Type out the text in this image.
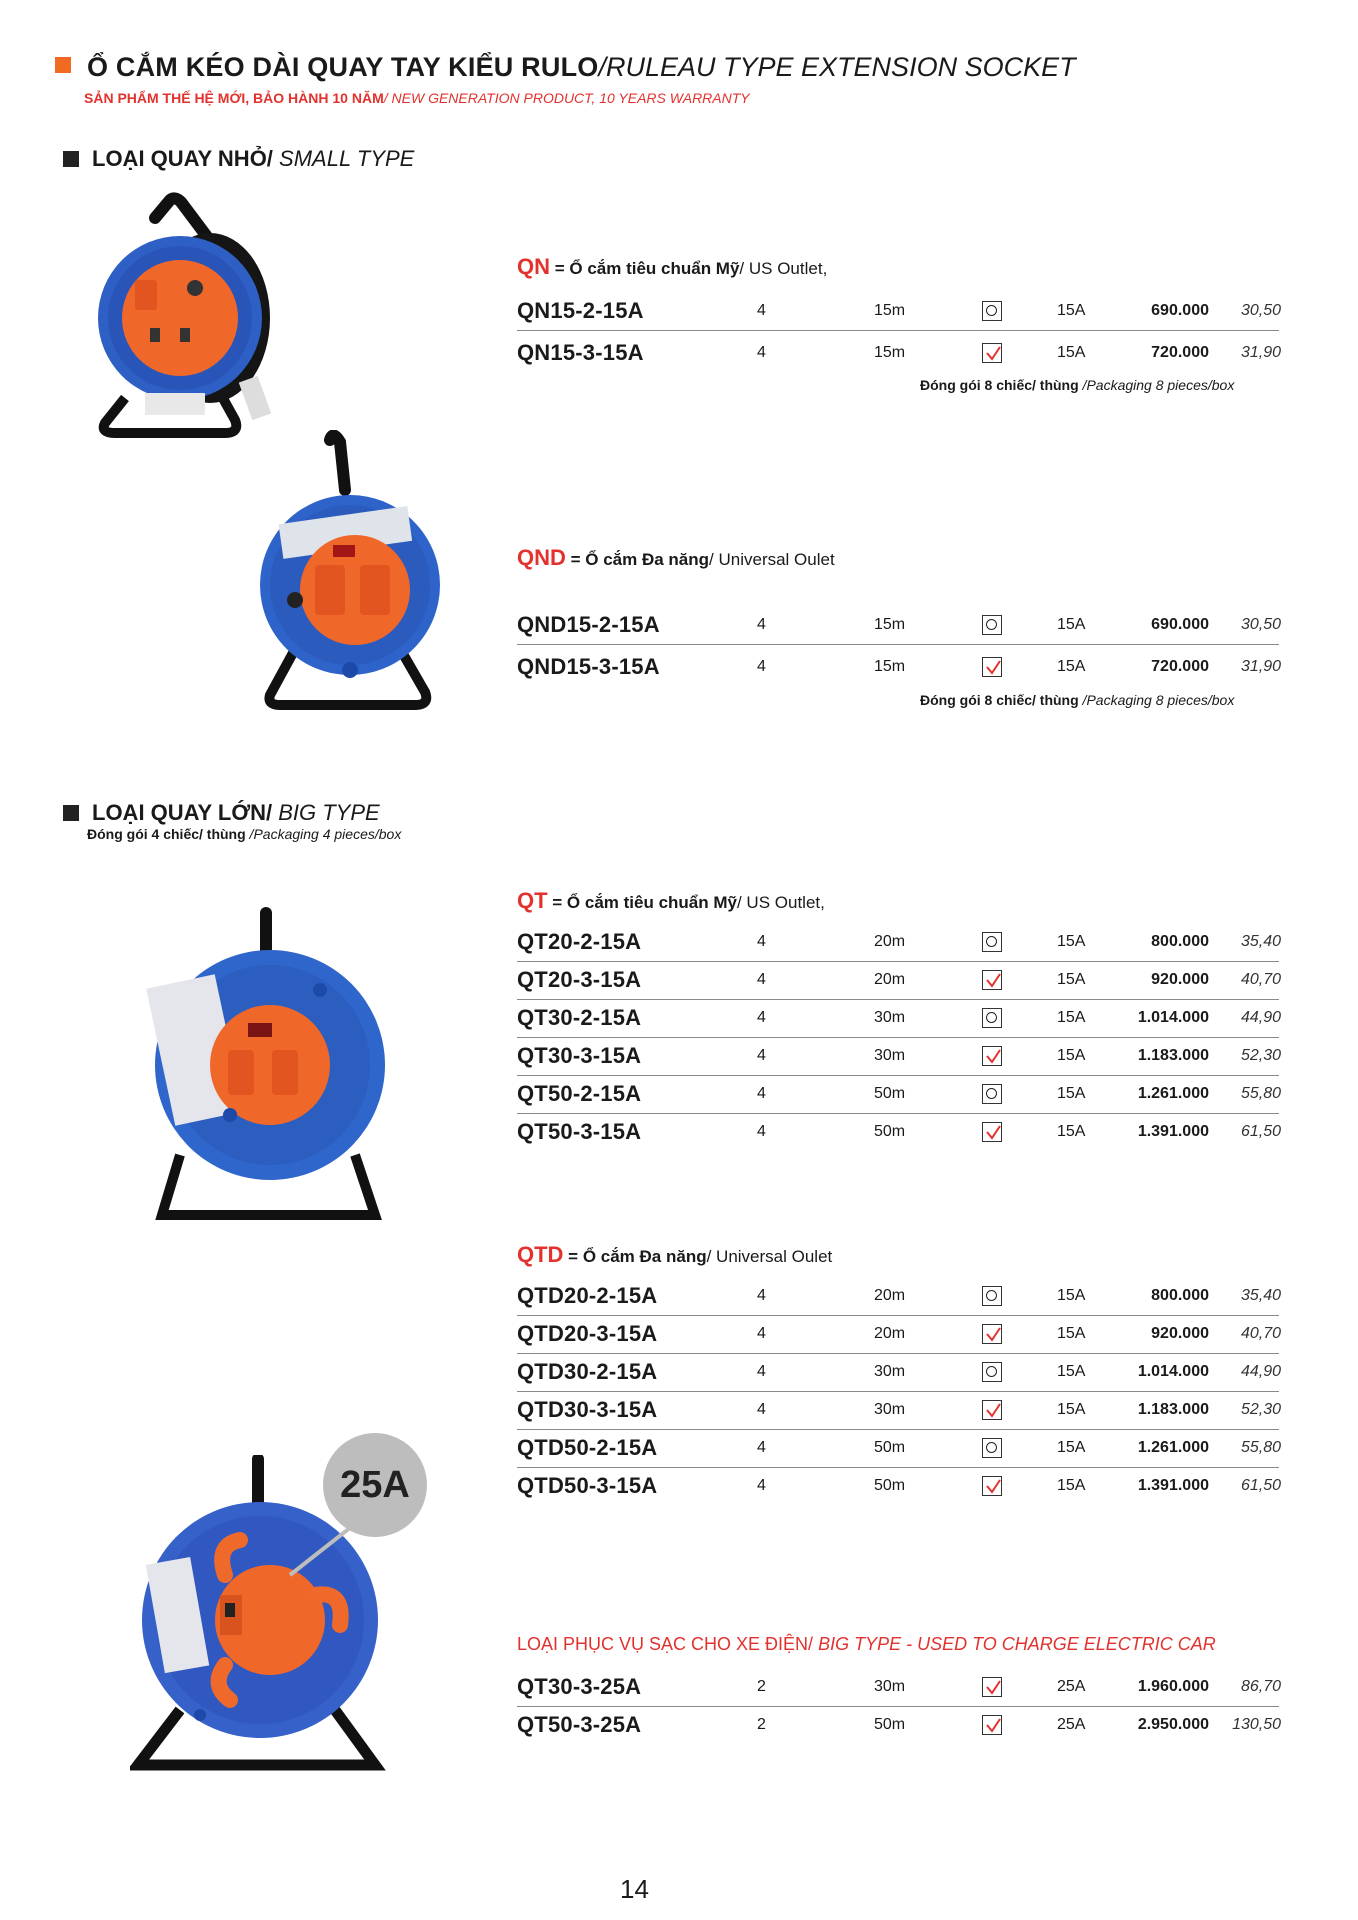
Ổ CẮM KÉO DÀI QUAY TAY KIỂU RULO/RULEAU TYPE EXTENSION SOCKET
SẢN PHẨM THẾ HỆ MỚI, BẢO HÀNH 10 NĂM/ NEW GENERATION PRODUCT, 10 YEARS WARRANTY
LOẠI QUAY NHỎ/ SMALL TYPE
QN = Ổ cắm tiêu chuẩn Mỹ/ US Outlet,
QN15-2-15A	4	15m	15A	690.000	30,50
QN15-3-15A	4	15m	15A	720.000	31,90
Đóng gói 8 chiếc/ thùng /Packaging 8 pieces/box
QND = Ổ cắm Đa năng/ Universal Oulet
QND15-2-15A	4	15m	15A	690.000	30,50
QND15-3-15A	4	15m	15A	720.000	31,90
Đóng gói 8 chiếc/ thùng /Packaging 8 pieces/box
LOẠI QUAY LỚN/ BIG TYPE
Đóng gói 4 chiếc/ thùng /Packaging 4 pieces/box
QT = Ổ cắm tiêu chuẩn Mỹ/ US Outlet,
QT20-2-15A	4	20m	15A	800.000	35,40
QT20-3-15A	4	20m	15A	920.000	40,70
QT30-2-15A	4	30m	15A	1.014.000	44,90
QT30-3-15A	4	30m	15A	1.183.000	52,30
QT50-2-15A	4	50m	15A	1.261.000	55,80
QT50-3-15A	4	50m	15A	1.391.000	61,50
QTD = Ổ cắm Đa năng/ Universal Oulet
QTD20-2-15A	4	20m	15A	800.000	35,40
QTD20-3-15A	4	20m	15A	920.000	40,70
QTD30-2-15A	4	30m	15A	1.014.000	44,90
QTD30-3-15A	4	30m	15A	1.183.000	52,30
QTD50-2-15A	4	50m	15A	1.261.000	55,80
QTD50-3-15A	4	50m	15A	1.391.000	61,50
25A
LOẠI PHỤC VỤ SẠC CHO XE ĐIỆN/ BIG TYPE - USED TO CHARGE ELECTRIC CAR
QT30-3-25A	2	30m	25A	1.960.000	86,70
QT50-3-25A	2	50m	25A	2.950.000	130,50
14
